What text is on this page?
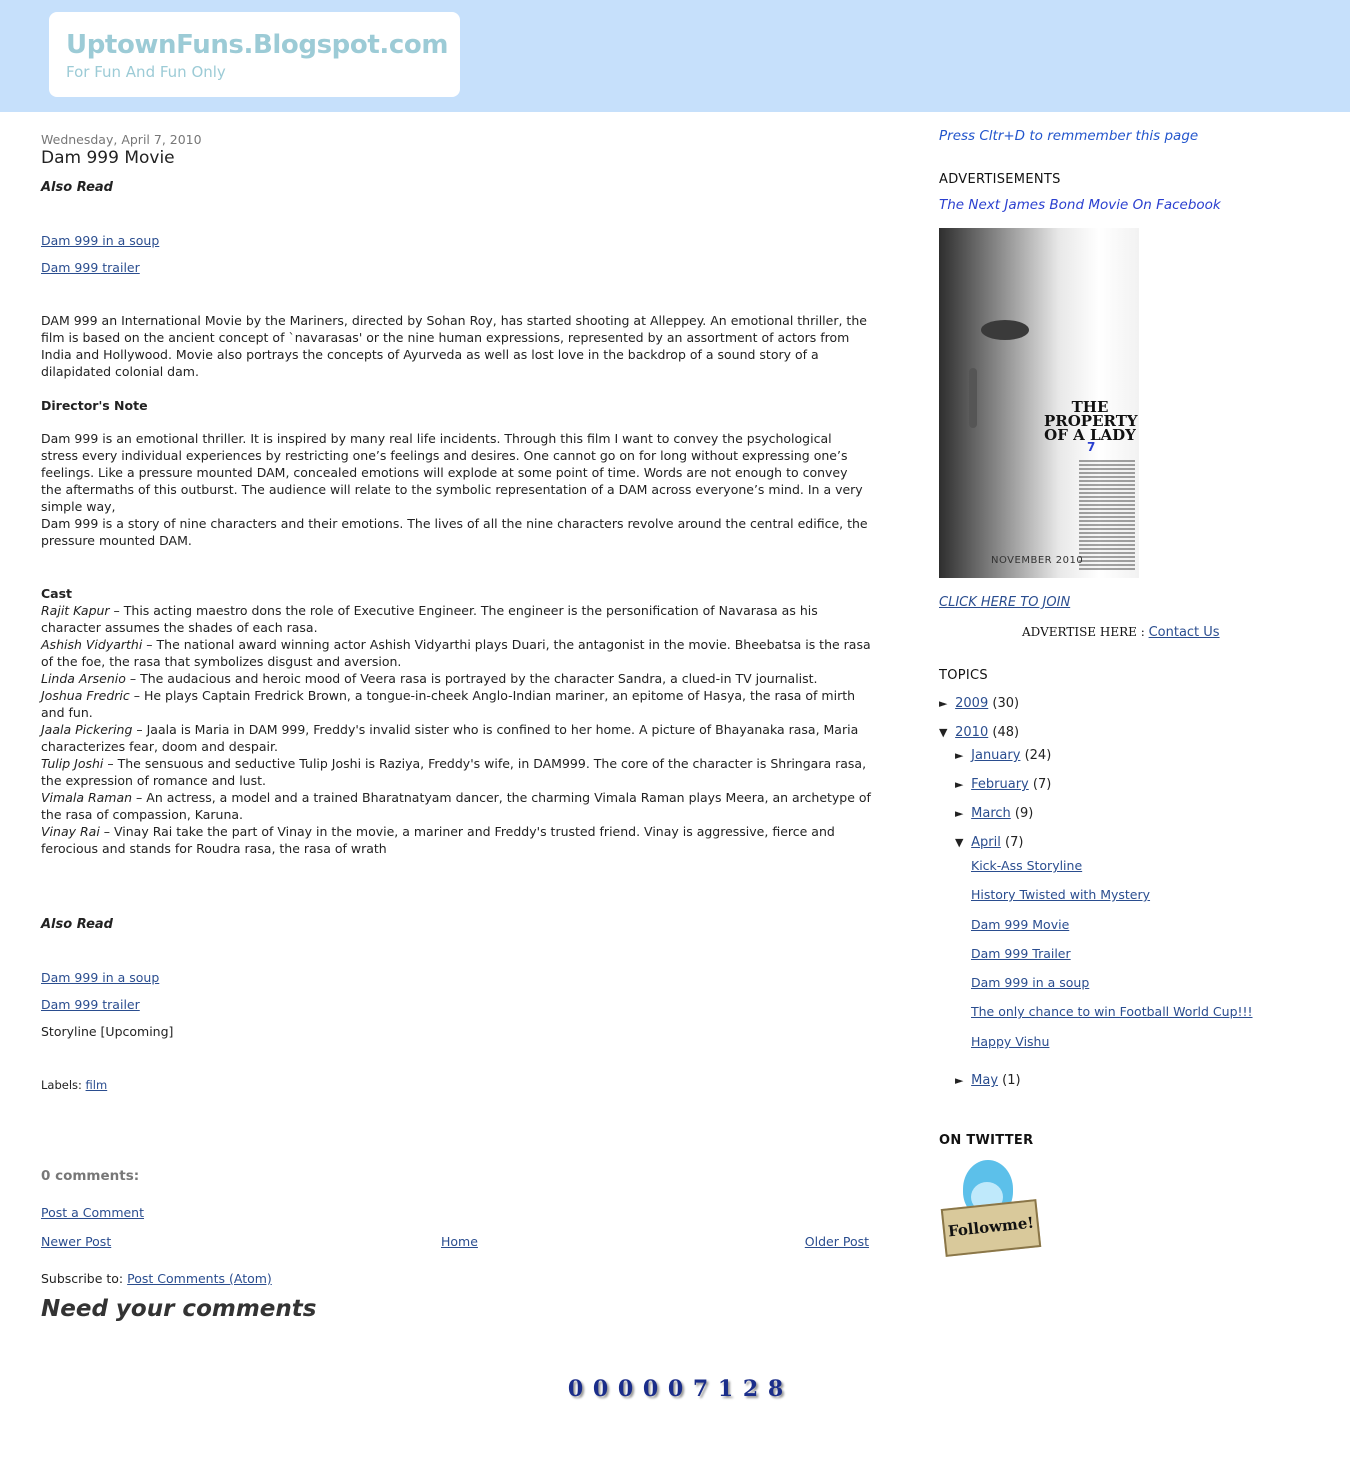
UptownFuns.Blogspot.com
For Fun And Fun Only
Wednesday, April 7, 2010
Dam 999 Movie
Also Read
Dam 999 in a soup
Dam 999 trailer
DAM 999 an International Movie by the Mariners, directed by Sohan Roy, has started shooting at Alleppey. An emotional thriller, the film is based on the ancient concept of `navarasas' or the nine human expressions, represented by an assortment of actors from India and Hollywood. Movie also portrays the concepts of Ayurveda as well as lost love in the backdrop of a sound story of a dilapidated colonial dam.
Director's Note
Dam 999 is an emotional thriller. It is inspired by many real life incidents. Through this film I want to convey the psychological stress every individual experiences by restricting one’s feelings and desires. One cannot go on for long without expressing one’s feelings. Like a pressure mounted DAM, concealed emotions will explode at some point of time. Words are not enough to convey the aftermaths of this outburst. The audience will relate to the symbolic representation of a DAM across everyone’s mind. In a very simple way,
Dam 999 is a story of nine characters and their emotions. The lives of all the nine characters revolve around the central edifice, the pressure mounted DAM.
Cast
Rajit Kapur – This acting maestro dons the role of Executive Engineer. The engineer is the personification of Navarasa as his character assumes the shades of each rasa.
Ashish Vidyarthi – The national award winning actor Ashish Vidyarthi plays Duari, the antagonist in the movie. Bheebatsa is the rasa of the foe, the rasa that symbolizes disgust and aversion.
Linda Arsenio – The audacious and heroic mood of Veera rasa is portrayed by the character Sandra, a clued-in TV journalist.
Joshua Fredric – He plays Captain Fredrick Brown, a tongue-in-cheek Anglo-Indian mariner, an epitome of Hasya, the rasa of mirth and fun.
Jaala Pickering – Jaala is Maria in DAM 999, Freddy's invalid sister who is confined to her home. A picture of Bhayanaka rasa, Maria characterizes fear, doom and despair.
Tulip Joshi – The sensuous and seductive Tulip Joshi is Raziya, Freddy's wife, in DAM999. The core of the character is Shringara rasa, the expression of romance and lust.
Vimala Raman – An actress, a model and a trained Bharatnatyam dancer, the charming Vimala Raman plays Meera, an archetype of the rasa of compassion, Karuna.
Vinay Rai – Vinay Rai take the part of Vinay in the movie, a mariner and Freddy's trusted friend. Vinay is aggressive, fierce and ferocious and stands for Roudra rasa, the rasa of wrath
Also Read
Dam 999 in a soup
Dam 999 trailer
Storyline [Upcoming]
Labels: film
0 comments:
Post a Comment
Newer Post	Home	Older Post
Subscribe to: Post Comments (Atom)
Need your comments
0 0 0 0 0 7 1 2 8
Press Cltr+D to remmember this page
ADVERTISEMENTS
The Next James Bond Movie On Facebook
THE PROPERTY OF A LADY
7
NOVEMBER 2010
CLICK HERE TO JOIN
ADVERTISE HERE : Contact Us
TOPICS
► 2009 (30)
▼ 2010 (48)
► January (24)
► February (7)
► March (9)
▼ April (7)
Kick-Ass Storyline
History Twisted with Mystery
Dam 999 Movie
Dam 999 Trailer
Dam 999 in a soup
The only chance to win Football World Cup!!!
Happy Vishu
► May (1)
ON TWITTER
Followme!
